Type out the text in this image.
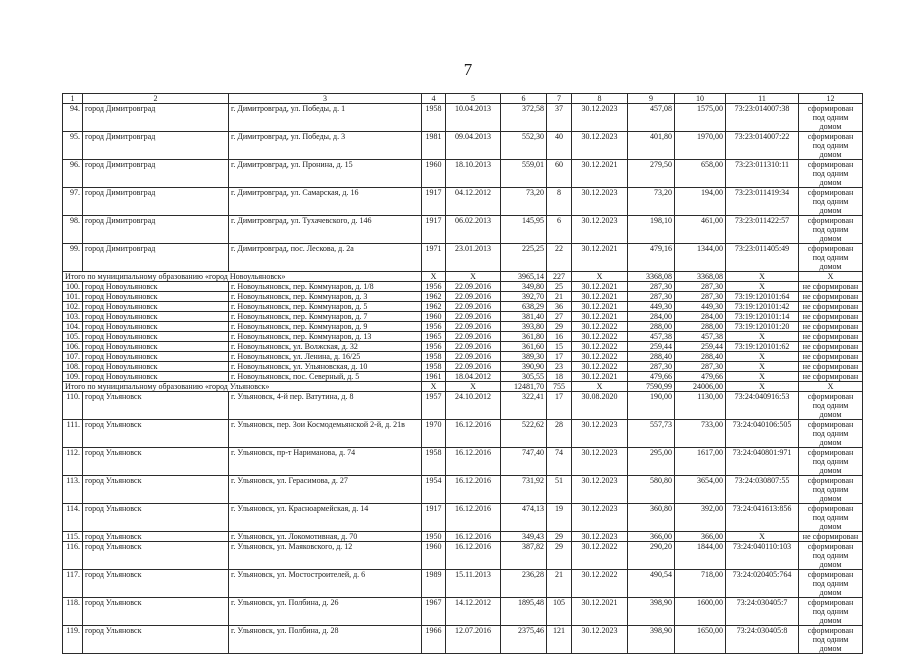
7
1	2	3	4	5	6	7	8	9	10	11	12
94.	город Димитровград	г. Димитровград, ул. Победы, д. 1	1958	10.04.2013	372,58	37	30.12.2023	457,08	1575,00	73:23:014007:38	сформирован под одним домом
95.	город Димитровград	г. Димитровград, ул. Победы, д. 3	1981	09.04.2013	552,30	40	30.12.2023	401,80	1970,00	73:23:014007:22	сформирован под одним домом
96.	город Димитровград	г. Димитровград, ул. Пронина, д. 15	1960	18.10.2013	559,01	60	30.12.2021	279,50	658,00	73:23:011310:11	сформирован под одним домом
97.	город Димитровград	г. Димитровград, ул. Самарская, д. 16	1917	04.12.2012	73,20	8	30.12.2023	73,20	194,00	73:23:011419:34	сформирован под одним домом
98.	город Димитровград	г. Димитровград, ул. Тухачевского, д. 146	1917	06.02.2013	145,95	6	30.12.2023	198,10	461,00	73:23:011422:57	сформирован под одним домом
99.	город Димитровград	г. Димитровград, пос. Лескова, д. 2а	1971	23.01.2013	225,25	22	30.12.2021	479,16	1344,00	73:23:011405:49	сформирован под одним домом
Итого по муниципальному образованию «город Новоульяновск»			X	X	3965,14	227	X	3368,08	3368,08	X	X
100.	город Новоульяновск	г. Новоульяновск, пер. Коммунаров, д. 1/8	1956	22.09.2016	349,80	25	30.12.2021	287,30	287,30	X	не сформирован
101.	город Новоульяновск	г. Новоульяновск, пер. Коммунаров, д. 3	1962	22.09.2016	392,70	21	30.12.2021	287,30	287,30	73:19:120101:64	не сформирован
102.	город Новоульяновск	г. Новоульяновск, пер. Коммунаров, д. 5	1962	22.09.2016	638,29	36	30.12.2021	449,30	449,30	73:19:120101:42	не сформирован
103.	город Новоульяновск	г. Новоульяновск, пер. Коммунаров, д. 7	1960	22.09.2016	381,40	27	30.12.2021	284,00	284,00	73:19:120101:14	не сформирован
104.	город Новоульяновск	г. Новоульяновск, пер. Коммунаров, д. 9	1956	22.09.2016	393,80	29	30.12.2022	288,00	288,00	73:19:120101:20	не сформирован
105.	город Новоульяновск	г. Новоульяновск, пер. Коммунаров, д. 13	1965	22.09.2016	361,80	16	30.12.2022	457,38	457,38	X	не сформирован
106.	город Новоульяновск	г. Новоульяновск, ул. Волжская, д. 32	1956	22.09.2016	361,60	15	30.12.2022	259,44	259,44	73:19:120101:62	не сформирован
107.	город Новоульяновск	г. Новоульяновск, ул. Ленина, д. 16/25	1958	22.09.2016	389,30	17	30.12.2022	288,40	288,40	X	не сформирован
108.	город Новоульяновск	г. Новоульяновск, ул. Ульяновская, д. 10	1958	22.09.2016	390,90	23	30.12.2022	287,30	287,30	X	не сформирован
109.	город Новоульяновск	г. Новоульяновск, пос. Северный, д. 5	1961	18.04.2012	305,55	18	30.12.2021	479,66	479,66	X	не сформирован
Итого по муниципальному образованию «город Ульяновск»			X	X	12481,70	755	X	7590,99	24006,00	X	X
110.	город Ульяновск	г. Ульяновск, 4-й пер. Ватутина, д. 8	1957	24.10.2012	322,41	17	30.08.2020	190,00	1130,00	73:24:040916:53	сформирован под одним домом
111.	город Ульяновск	г. Ульяновск, пер. Зои Космодемьянской 2-й, д. 21в	1970	16.12.2016	522,62	28	30.12.2023	557,73	733,00	73:24:040106:505	сформирован под одним домом
112.	город Ульяновск	г. Ульяновск, пр-т Нариманова, д. 74	1958	16.12.2016	747,40	74	30.12.2023	295,00	1617,00	73:24:040801:971	сформирован под одним домом
113.	город Ульяновск	г. Ульяновск, ул. Герасимова, д. 27	1954	16.12.2016	731,92	51	30.12.2023	580,80	3654,00	73:24:030807:55	сформирован под одним домом
114.	город Ульяновск	г. Ульяновск, ул. Красноармейская, д. 14	1917	16.12.2016	474,13	19	30.12.2023	360,80	392,00	73:24:041613:856	сформирован под одним домом
115.	город Ульяновск	г. Ульяновск, ул. Локомотивная, д. 70	1950	16.12.2016	349,43	29	30.12.2023	366,00	366,00	X	не сформирован
116.	город Ульяновск	г. Ульяновск, ул. Маяковского, д. 12	1960	16.12.2016	387,82	29	30.12.2022	290,20	1844,00	73:24:040110:103	сформирован под одним домом
117.	город Ульяновск	г. Ульяновск, ул. Мостостроителей, д. 6	1989	15.11.2013	236,28	21	30.12.2022	490,54	718,00	73:24:020405:764	сформирован под одним домом
118.	город Ульяновск	г. Ульяновск, ул. Полбина, д. 26	1967	14.12.2012	1895,48	105	30.12.2021	398,90	1600,00	73:24:030405:7	сформирован под одним домом
119.	город Ульяновск	г. Ульяновск, ул. Полбина, д. 28	1966	12.07.2016	2375,46	121	30.12.2023	398,90	1650,00	73:24:030405:8	сформирован под одним домом
